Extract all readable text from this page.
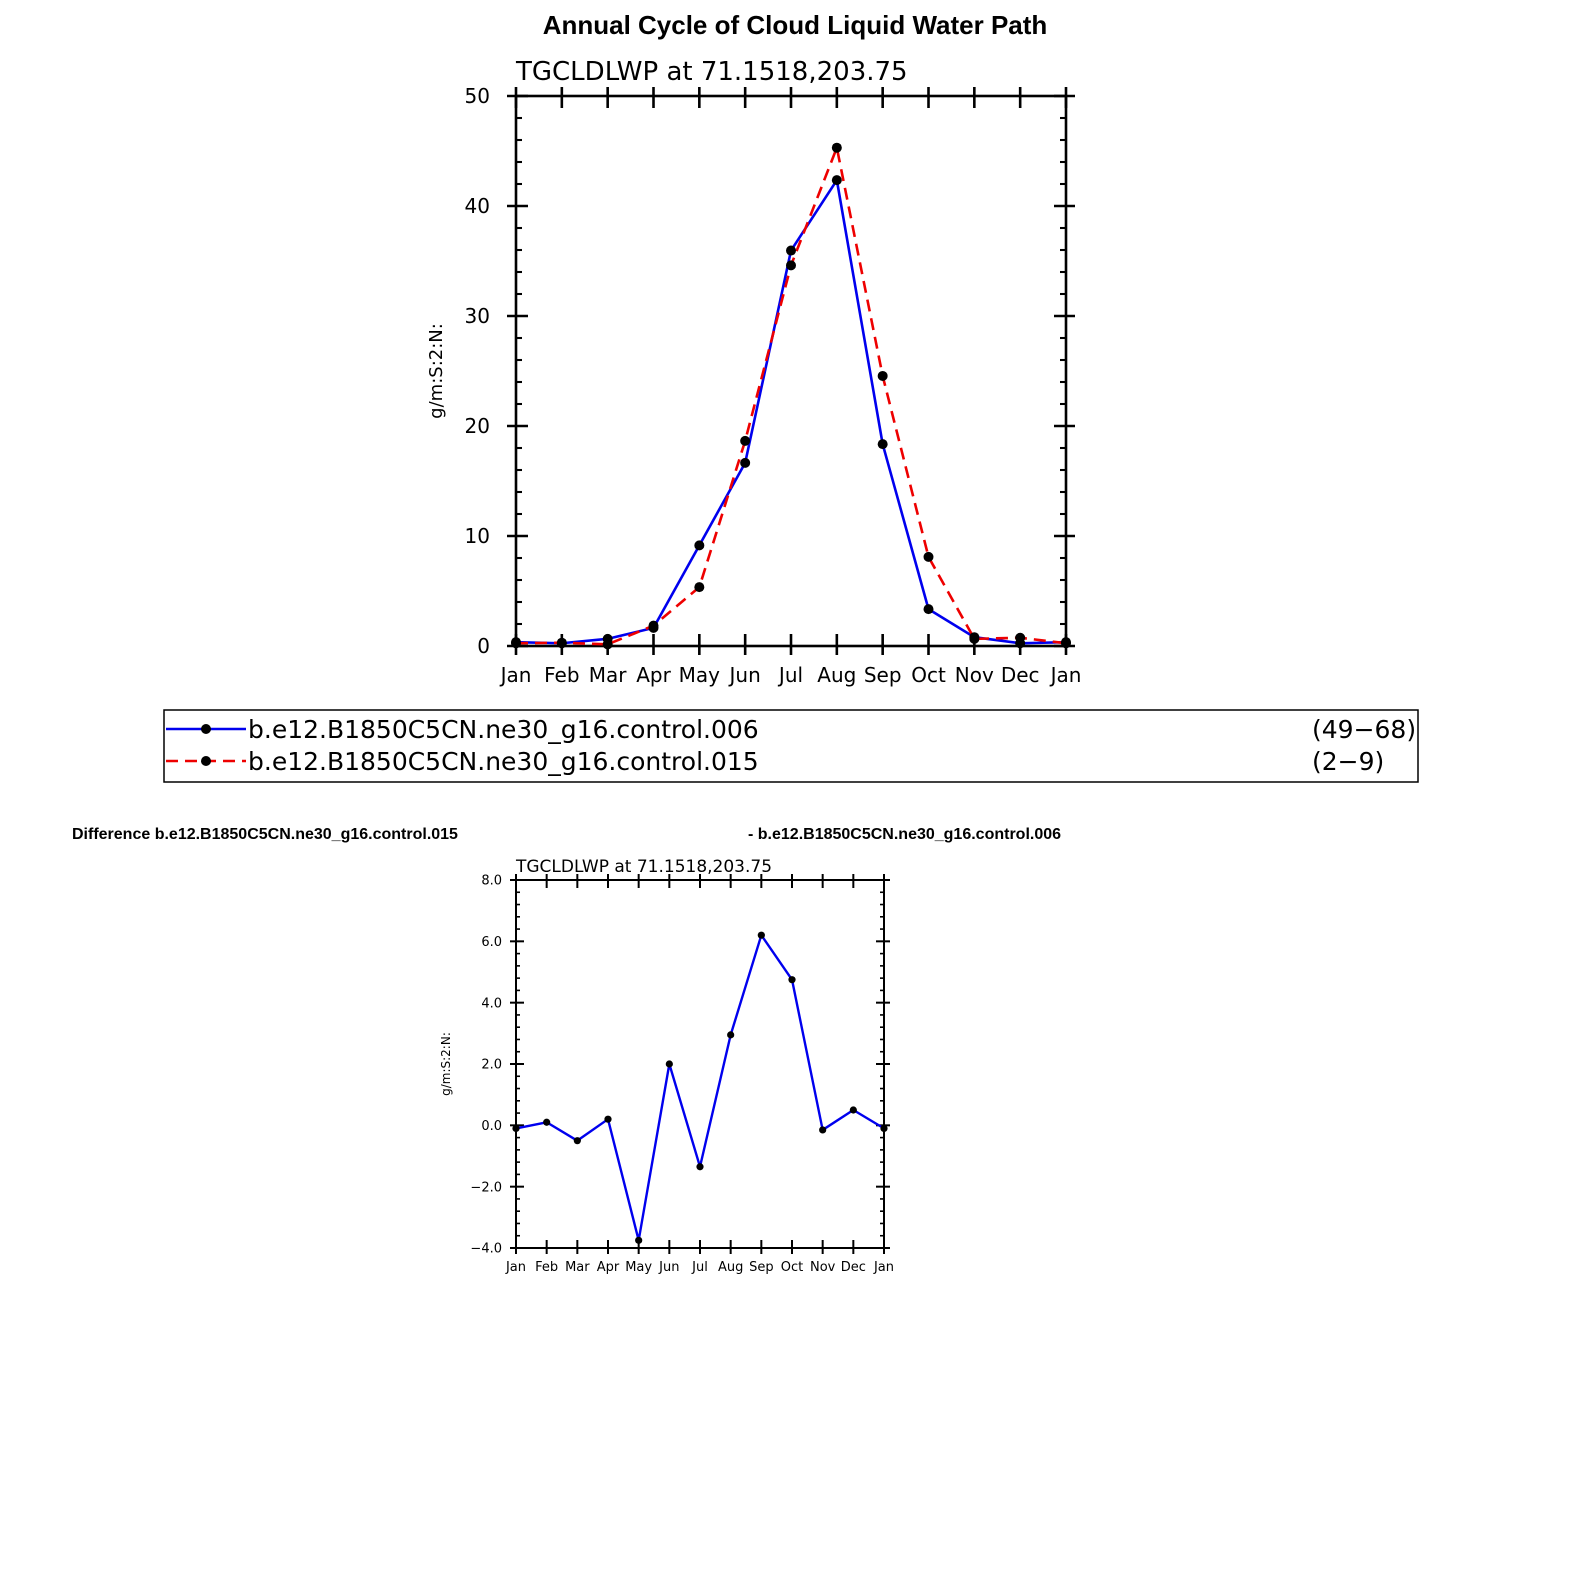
Annual Cycle of Cloud Liquid Water Path
Jan Feb Mar Apr May Jun Jul Aug Sep Oct Nov Dec Jan
0
10
20
30
40
50
TGCLDLWP at 71.1518,203.75
g/m:S:2:N:
b.e12.B1850C5CN.ne30_g16.control.006	(49−68)
b.e12.B1850C5CN.ne30_g16.control.015	(2−9)
Difference b.e12.B1850C5CN.ne30_g16.control.015	- b.e12.B1850C5CN.ne30_g16.control.006
Jan Feb Mar Apr May Jun Jul Aug Sep Oct Nov Dec Jan
−4.0
−2.0
0.0
2.0
4.0
6.0
8.0
TGCLDLWP at 71.1518,203.75
g/m:S:2:N:
